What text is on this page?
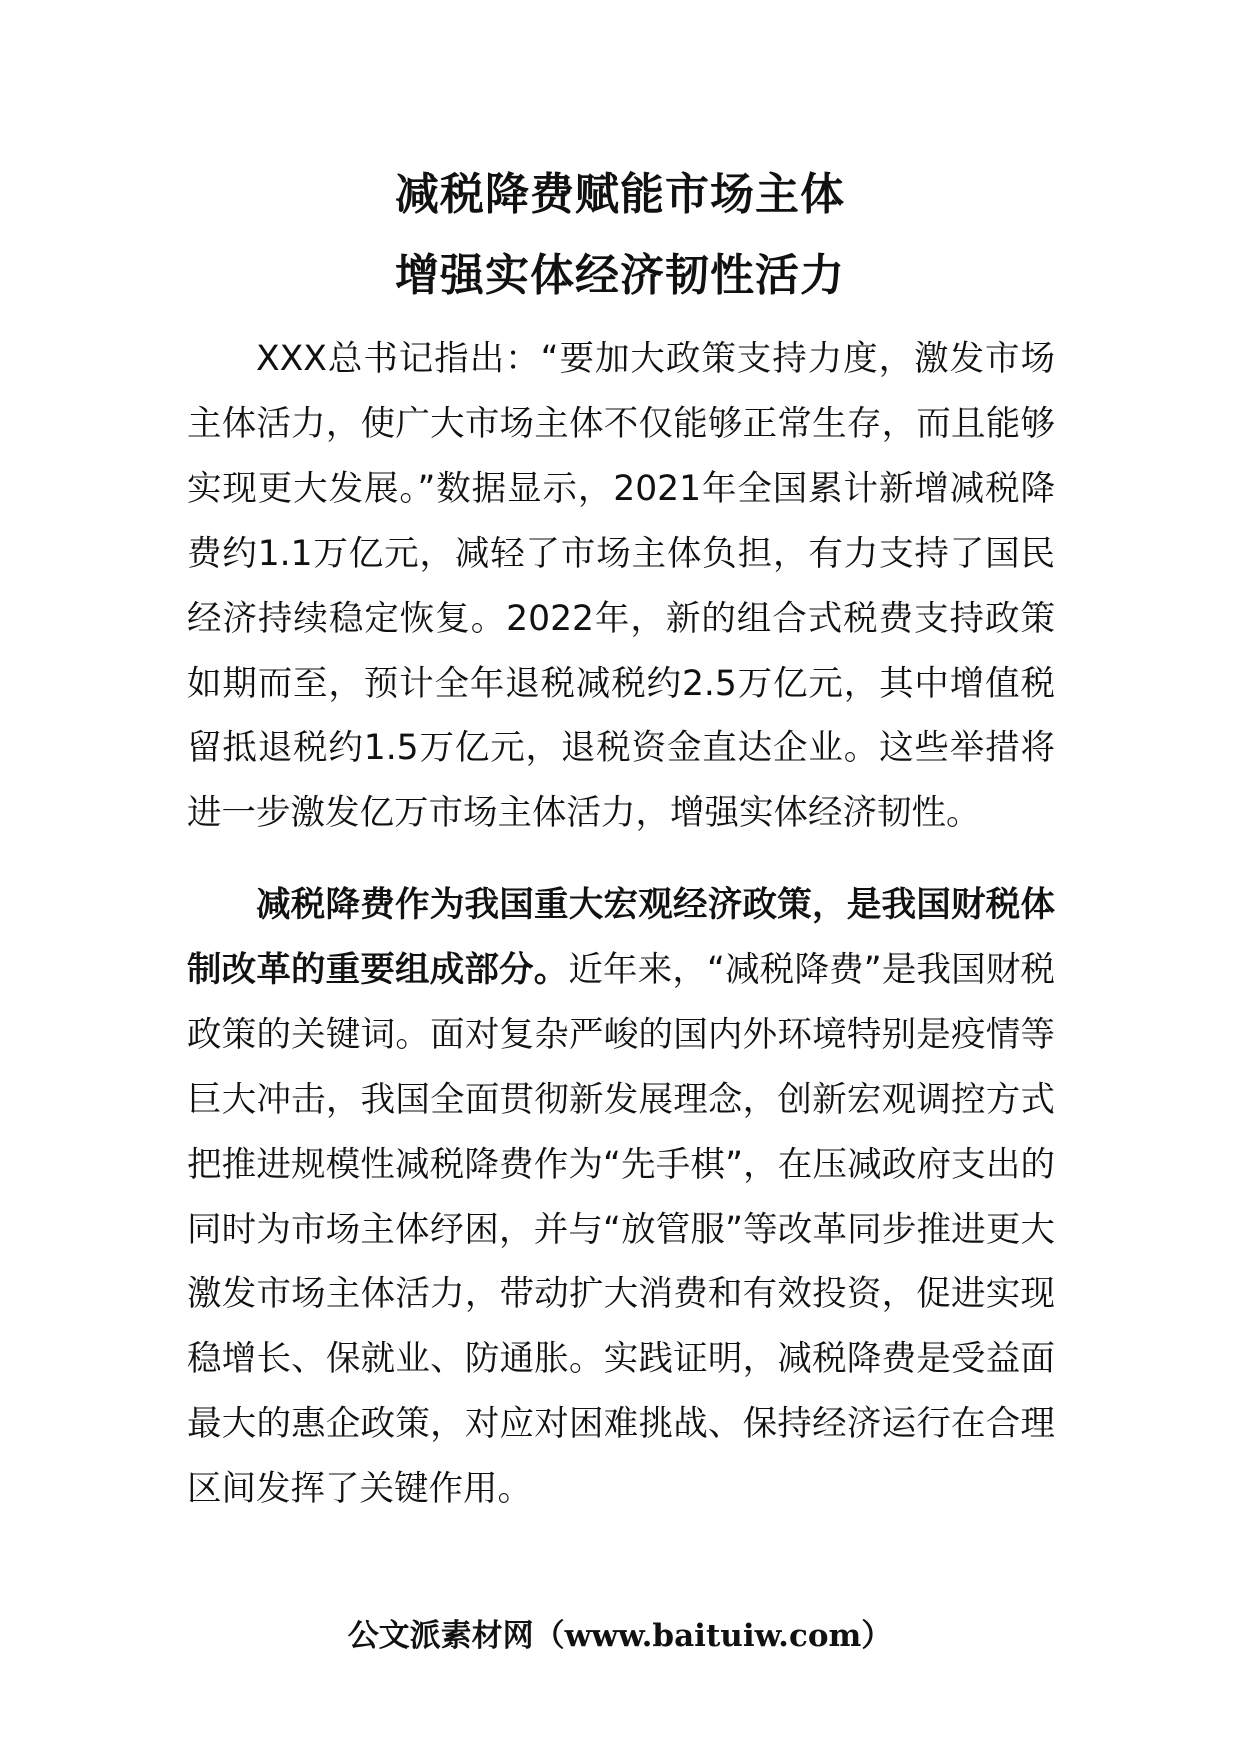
减税降费赋能市场主体
增强实体经济韧性活力

XXX总书记指出：“要加大政策支持力度，激发市场主体活力，使广大市场主体不仅能够正常生存，而且能够实现更大发展。”数据显示，2021年全国累计新增减税降费约1.1万亿元，减轻了市场主体负担，有力支持了国民经济持续稳定恢复。2022年，新的组合式税费支持政策如期而至，预计全年退税减税约2.5万亿元，其中增值税留抵退税约1.5万亿元，退税资金直达企业。这些举措将进一步激发亿万市场主体活力，增强实体经济韧性。

减税降费作为我国重大宏观经济政策，是我国财税体制改革的重要组成部分。近年来，“减税降费”是我国财税政策的关键词。面对复杂严峻的国内外环境特别是疫情等巨大冲击，我国全面贯彻新发展理念，创新宏观调控方式把推进规模性减税降费作为“先手棋”，在压减政府支出的同时为市场主体纾困，并与“放管服”等改革同步推进更大激发市场主体活力，带动扩大消费和有效投资，促进实现稳增长、保就业、防通胀。实践证明，减税降费是受益面最大的惠企政策，对应对困难挑战、保持经济运行在合理区间发挥了关键作用。

公文派素材网（www.baituiw.com）
